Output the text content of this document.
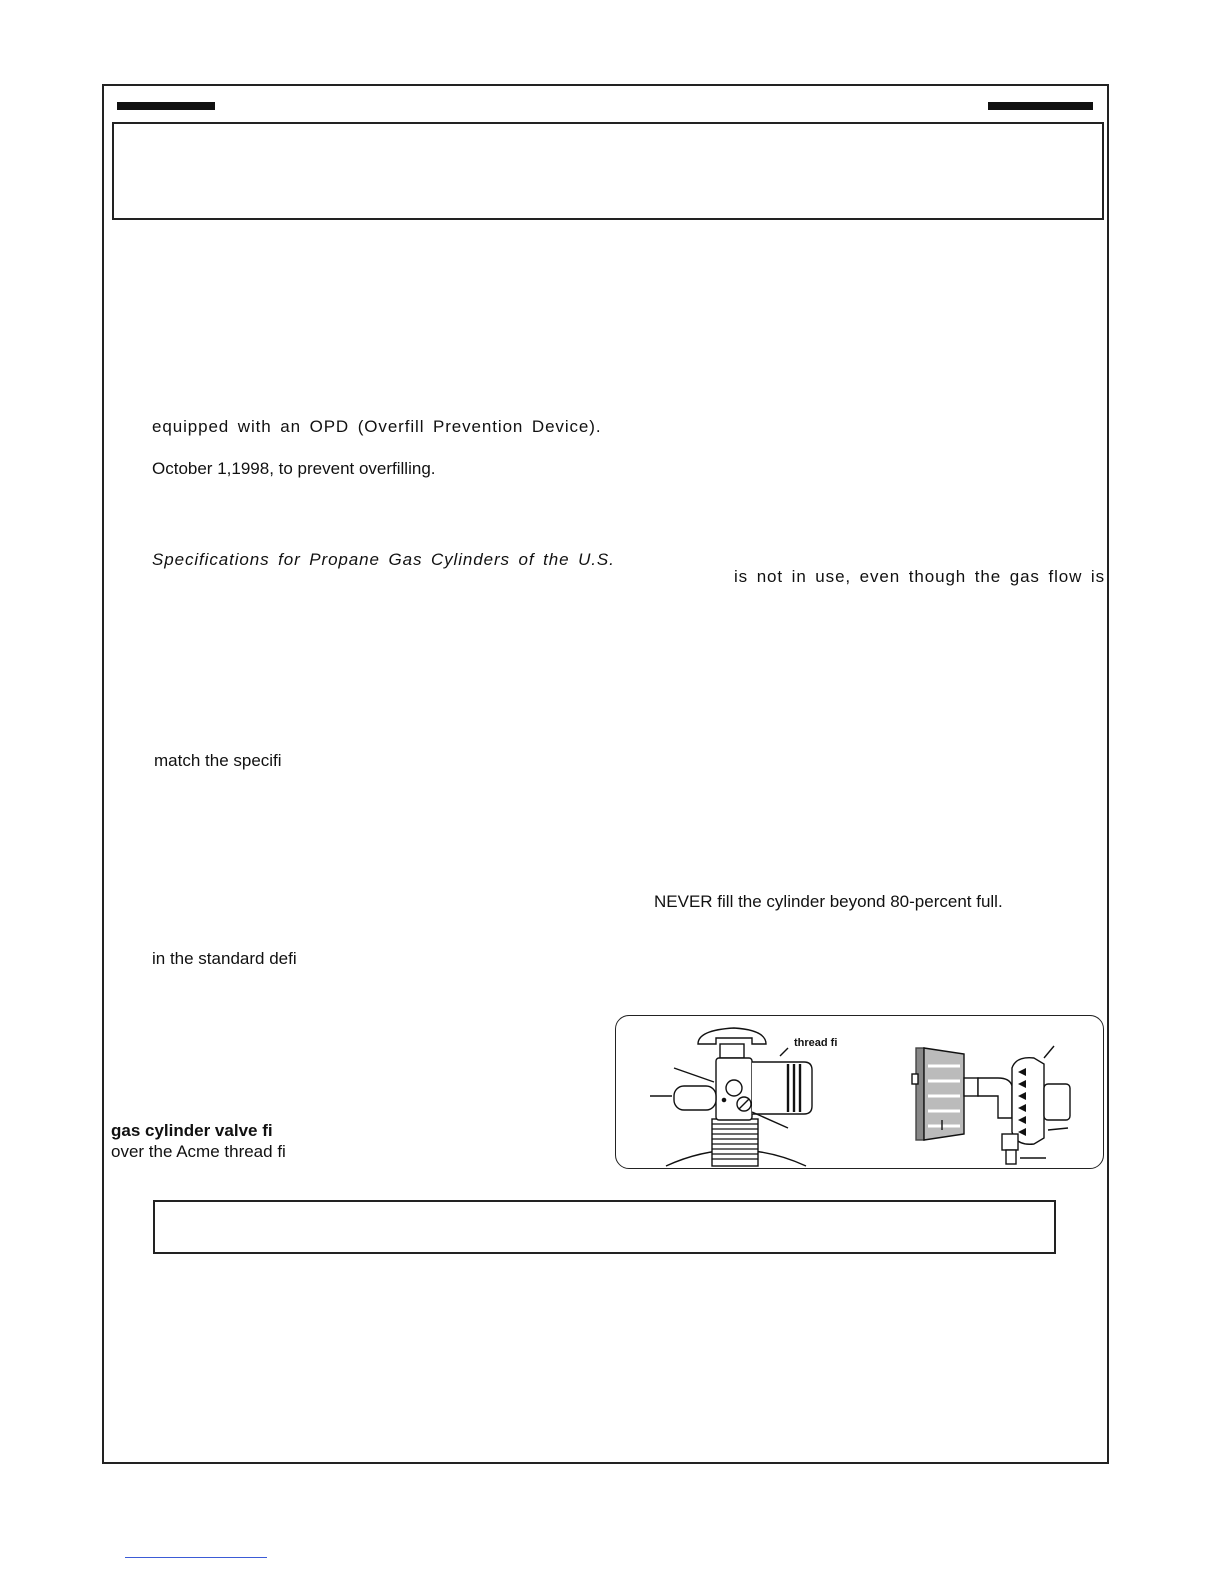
equipped with an OPD (Overfill Prevention Device).
October 1,1998, to prevent overfilling.
Specifications for Propane Gas Cylinders of the U.S.
is not in use, even though the gas flow is
match the specifi
NEVER fill the cylinder beyond 80-percent full.
in the standard defi
gas cylinder valve fi
over the Acme thread fi
thread fi
